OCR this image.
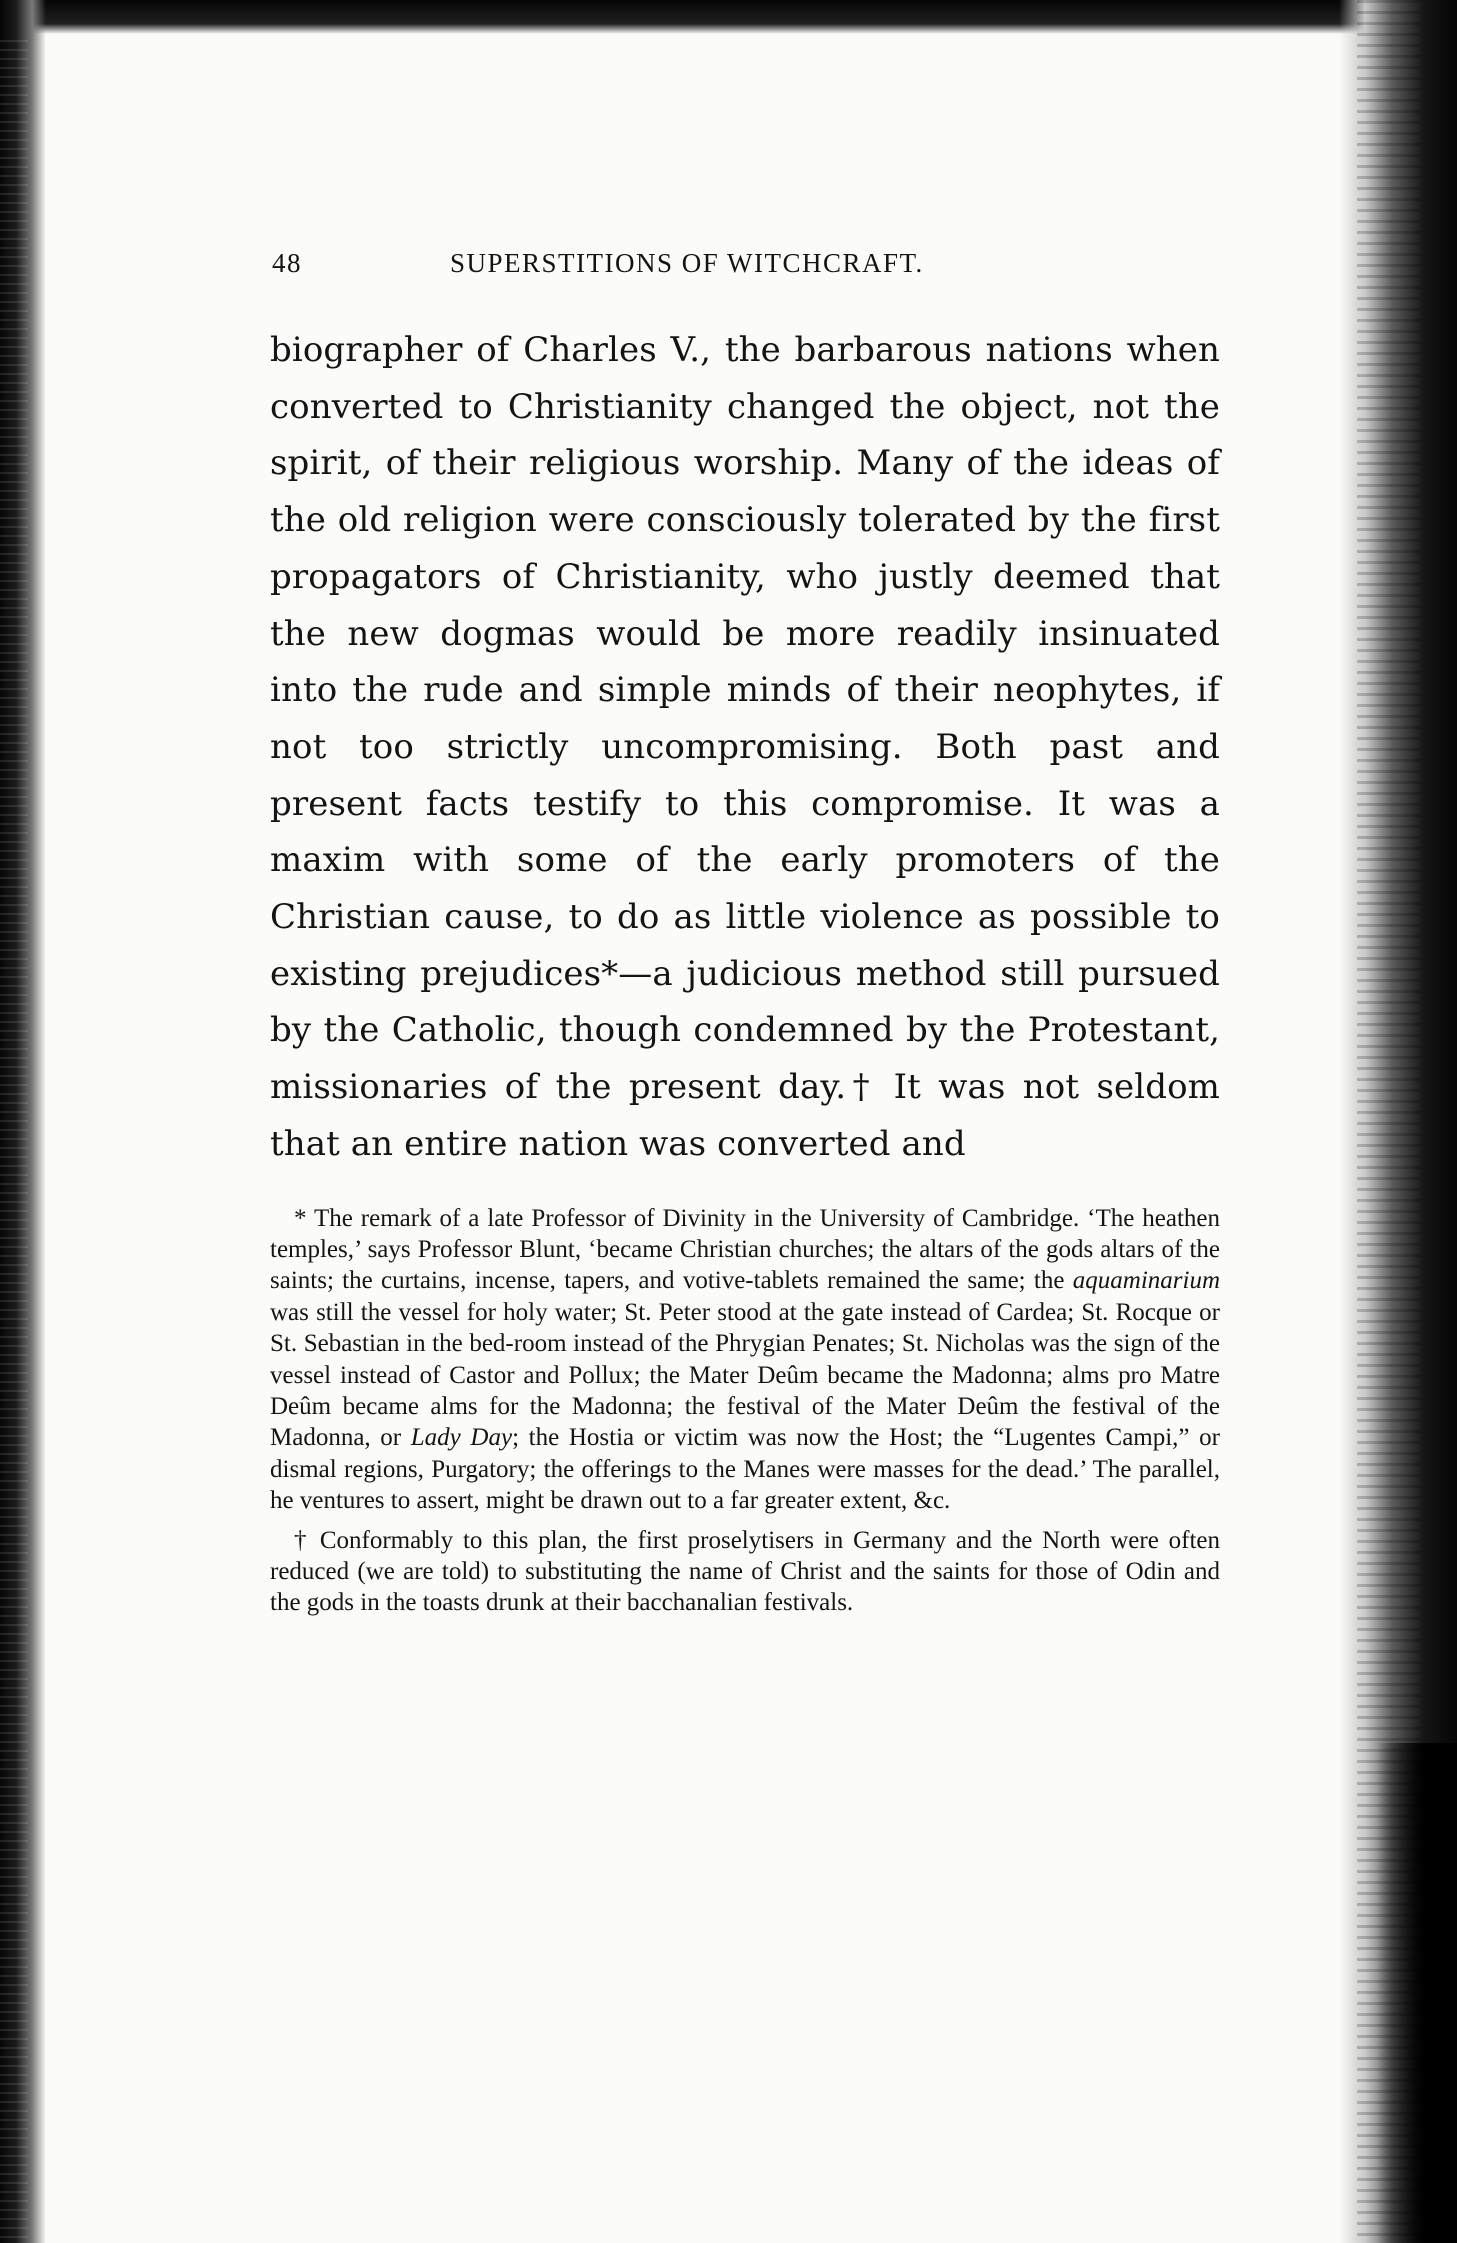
48	SUPERSTITIONS OF WITCHCRAFT.

biographer of Charles V., the barbarous nations when converted to Christianity changed the object, not the spirit, of their religious worship. Many of the ideas of the old religion were consciously tolerated by the first propagators of Christianity, who justly deemed that the new dogmas would be more readily insinuated into the rude and simple minds of their neophytes, if not too strictly uncompromising. Both past and present facts testify to this compromise. It was a maxim with some of the early promoters of the Christian cause, to do as little violence as possible to existing prejudices*—a judicious method still pursued by the Catholic, though condemned by the Protestant, missionaries of the present day.† It was not seldom that an entire nation was converted and

* The remark of a late Professor of Divinity in the University of Cambridge. ‘The heathen temples,’ says Professor Blunt, ‘became Christian churches; the altars of the gods altars of the saints; the curtains, incense, tapers, and votive-tablets remained the same; the aquaminarium was still the vessel for holy water; St. Peter stood at the gate instead of Cardea; St. Rocque or St. Sebastian in the bed-room instead of the Phrygian Penates; St. Nicholas was the sign of the vessel instead of Castor and Pollux; the Mater Deûm became the Madonna; alms pro Matre Deûm became alms for the Madonna; the festival of the Mater Deûm the festival of the Madonna, or Lady Day; the Hostia or victim was now the Host; the “Lugentes Campi,” or dismal regions, Purgatory; the offerings to the Manes were masses for the dead.’ The parallel, he ventures to assert, might be drawn out to a far greater extent, &c.

† Conformably to this plan, the first proselytisers in Germany and the North were often reduced (we are told) to substituting the name of Christ and the saints for those of Odin and the gods in the toasts drunk at their bacchanalian festivals.
